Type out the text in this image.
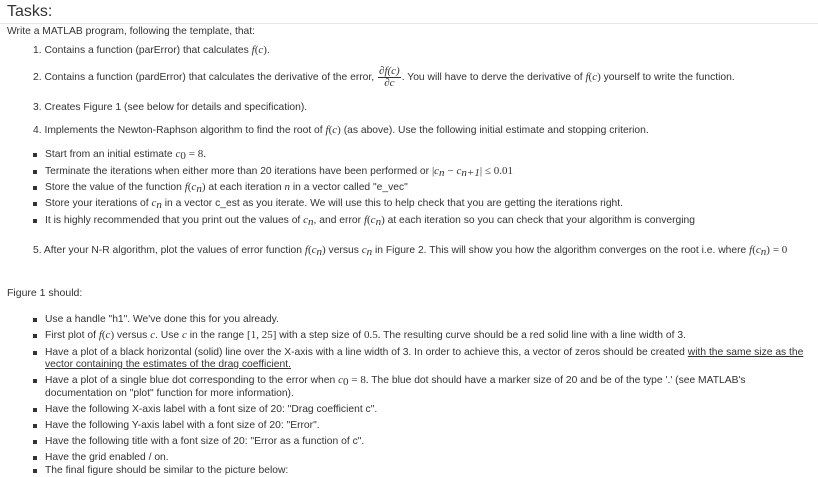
Tasks:
Write a MATLAB program, following the template, that:
1. Contains a function (parError) that calculates f(c).
2. Contains a function (pardError) that calculates the derivative of the error, $\frac{\partial f(c)}{\partial c}$ . You will have to derve the derivative of f(c) yourself to write the function.
3. Creates Figure 1 (see below for details and specification).
4. Implements the Newton-Raphson algorithm to find the root of f(c) (as above). Use the following initial estimate and stopping criterion.
Start from an initial estimate $c_0 = 8$.
Terminate the iterations when either more than 20 iterations have been performed or $|c_n - c_{n+1}| \le 0.01$
Store the value of the function $f(c_n)$ at each iteration n in a vector called "e_vec"
Store your iterations of $c_n$ in a vector c_est as you iterate. We will use this to help check that you are getting the iterations right.
It is highly recommended that you print out the values of $c_n$, and error $f(c_n)$ at each iteration so you can check that your algorithm is converging
5. After your N-R algorithm, plot the values of error function $f(c_n)$ versus $c_n$ in Figure 2. This will show you how the algorithm converges on the root i.e. where $f(c_n) = 0$
Figure 1 should:
Use a handle "h1". We've done this for you already.
First plot of f(c) versus c. Use c in the range [1, 25] with a step size of 0.5. The resulting curve should be a red solid line with a line width of 3.
Have a plot of a black horizontal (solid) line over the X-axis with a line width of 3. In order to achieve this, a vector of zeros should be created with the same size as the
vector containing the estimates of the drag coefficient.
Have a plot of a single blue dot corresponding to the error when $c_0 = 8$. The blue dot should have a marker size of 20 and be of the type '.' (see MATLAB's
documentation on "plot" function for more information).
Have the following X-axis label with a font size of 20: "Drag coefficient c".
Have the following Y-axis label with a font size of 20: "Error".
Have the following title with a font size of 20: "Error as a function of c".
Have the grid enabled / on.
The final figure should be similar to the picture below:
